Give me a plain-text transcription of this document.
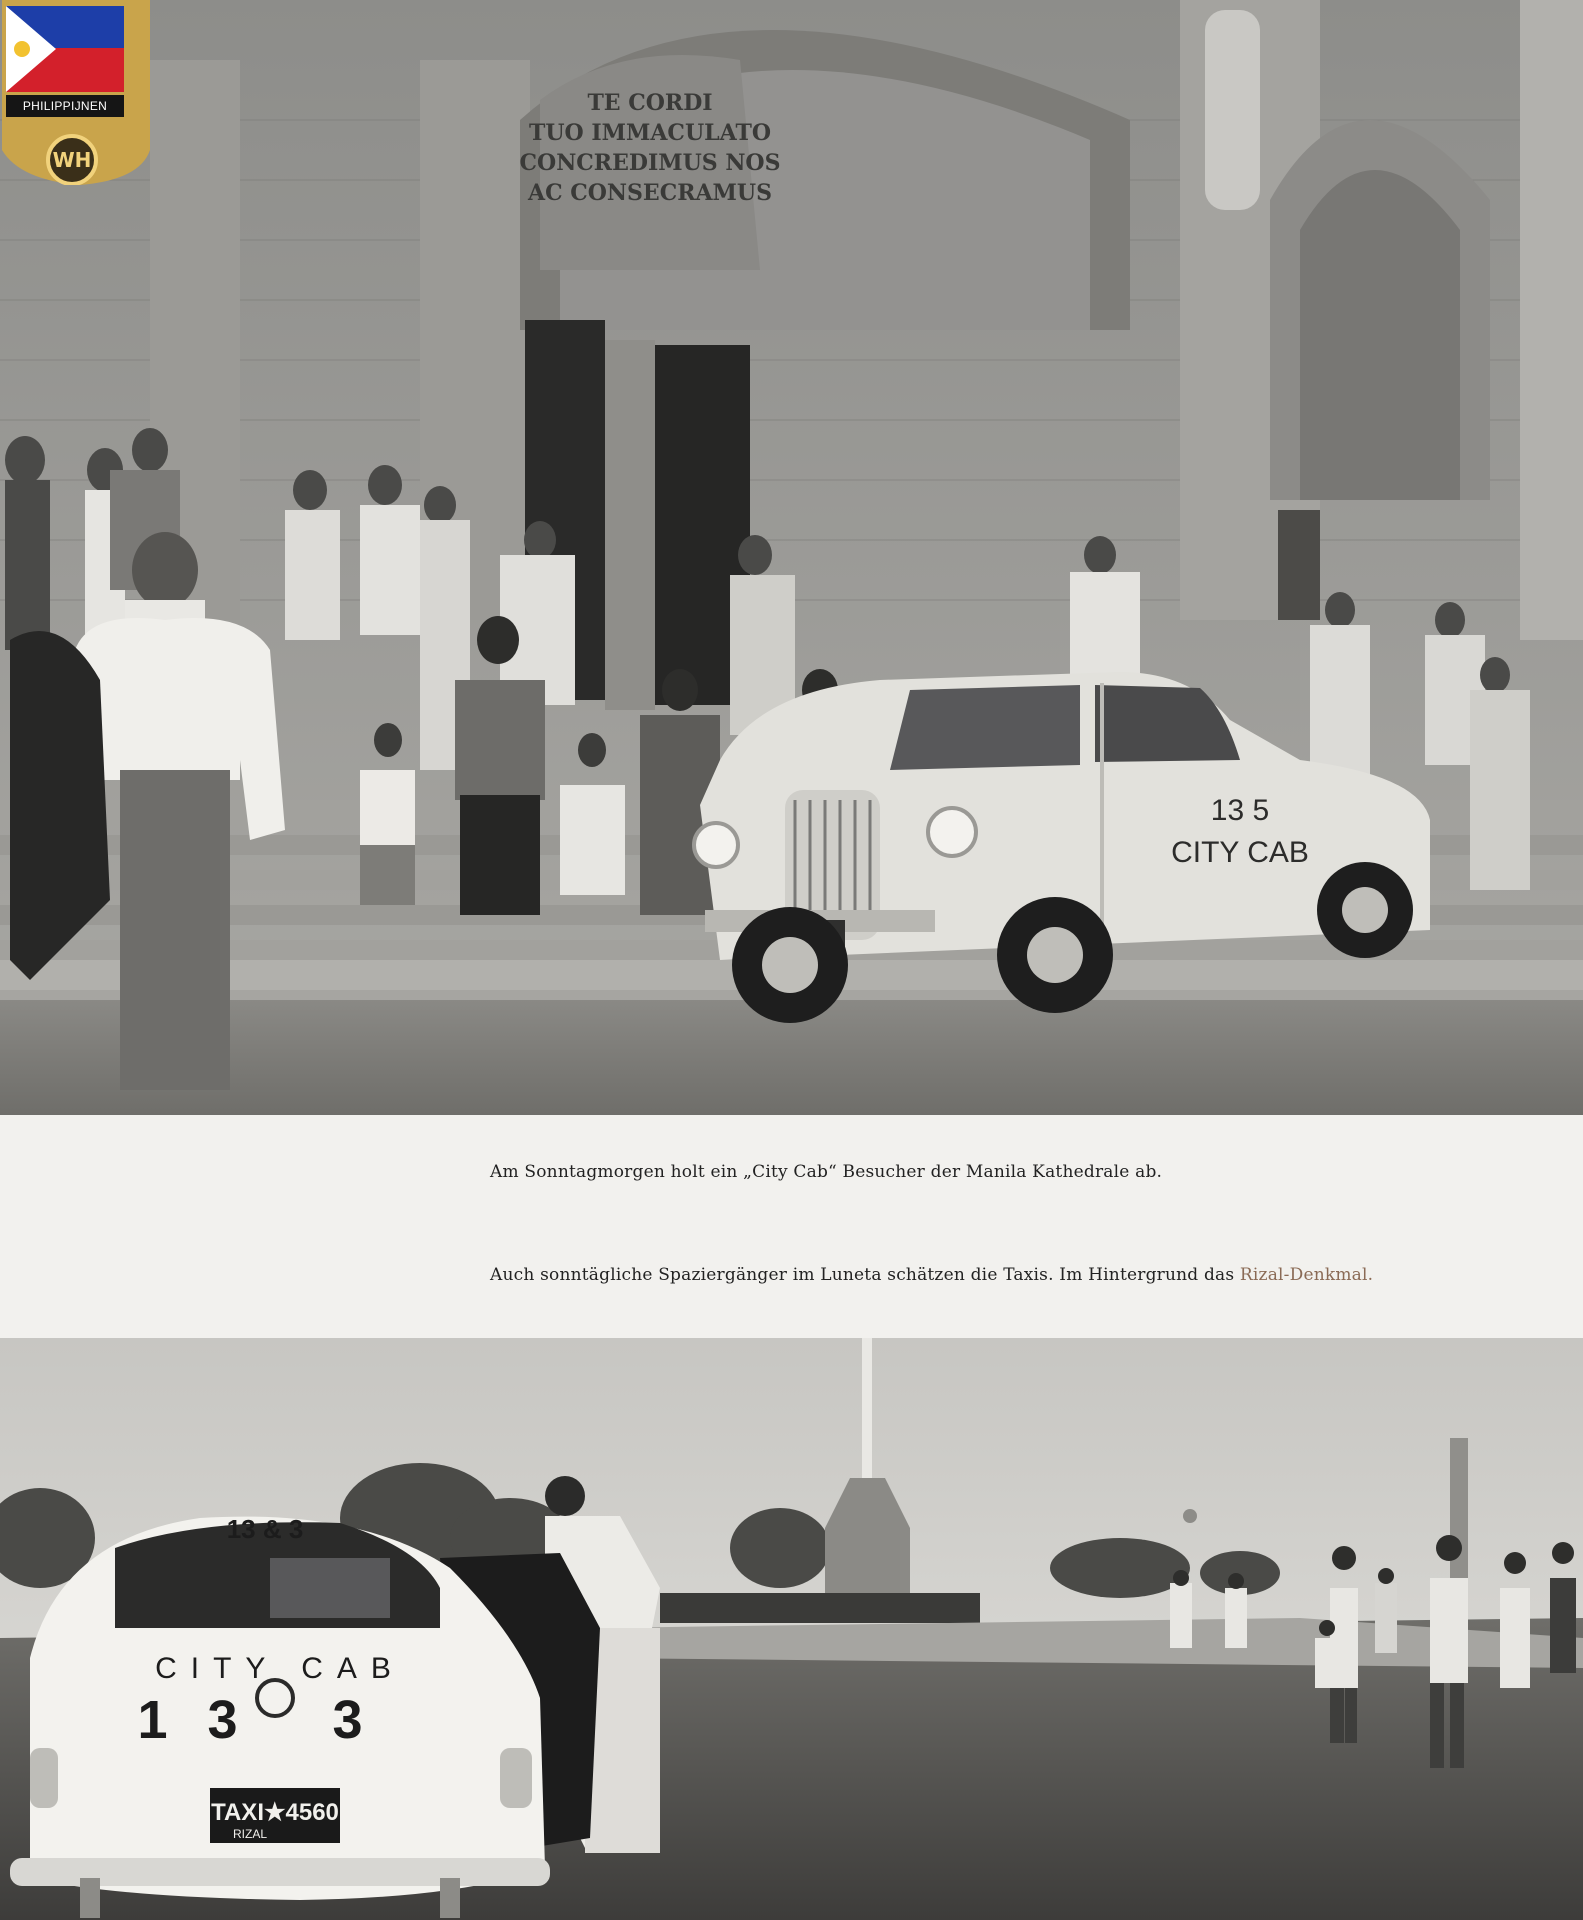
TE CORDI
TUO IMMACULATO
CONCREDIMUS NOS
AC CONSECRAMUS
13 5
CITY CAB
WH
PHILIPPIJNEN
Am Sonntagmorgen holt ein „City Cab“ Besucher der Manila Kathedrale ab.
Auch sonntägliche Spaziergänger im Luneta schätzen die Taxis. Im Hintergrund das Rizal-Denkmal.
13 & 3
CITY CAB
13 3
TAXI★4560
RIZAL
